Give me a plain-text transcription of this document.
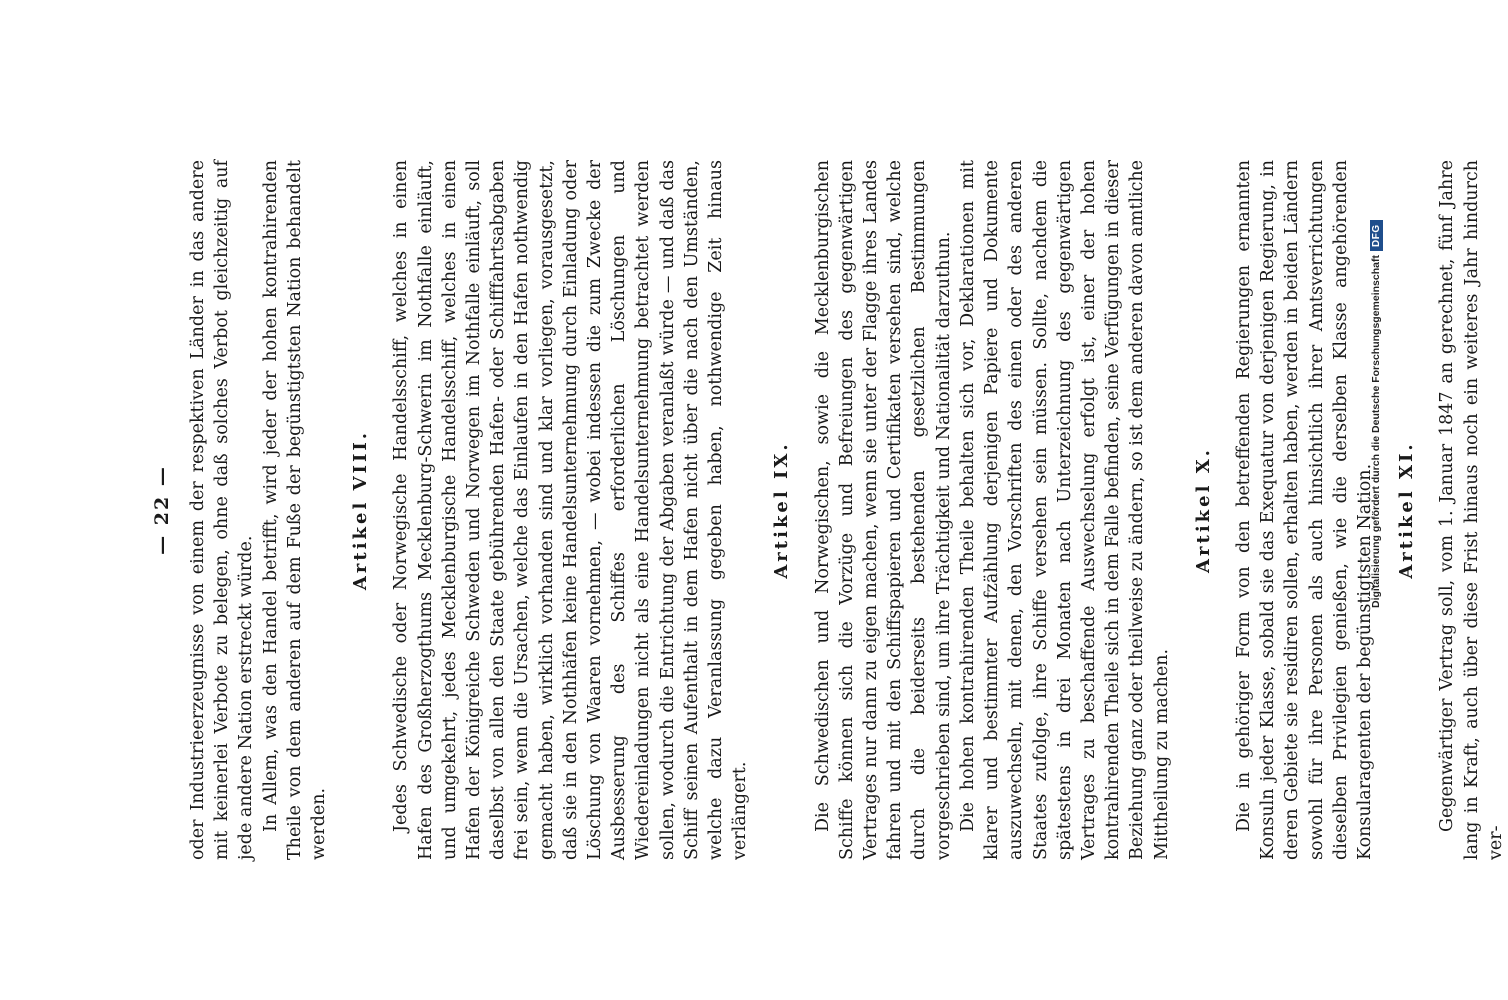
— 22 — oder Industrieerzeugnisse von einem der respektiven Länder in das andere mit keinerlei Verbote zu belegen, ohne daß solches Verbot gleichzeitig auf jede andere Nation erstreckt würde. In Allem, was den Handel betrifft, wird jeder der hohen kontrahirenden Theile von dem anderen auf dem Fuße der begünstigtsten Nation behandelt werden.

Artikel VIII. Jedes Schwedische oder Norwegische Handelsschiff, welches in einen Hafen des Großherzogthums Mecklenburg-Schwerin im Nothfalle einläuft, und umgekehrt, jedes Mecklenburgische Handelsschiff, welches in einen Hafen der Königreiche Schweden und Norwegen im Nothfalle einläuft, soll daselbst von allen den Staate gebührenden Hafen- oder Schifffahrtsabgaben frei sein, wenn die Ursachen, welche das Einlaufen in den Hafen nothwendig gemacht haben, wirklich vorhanden sind und klar vorliegen, vorausgesetzt, daß sie in den Nothhäfen keine Handelsunternehmung durch Einladung oder Löschung von Waaren vornehmen, — wobei indessen die zum Zwecke der Ausbesserung des Schiffes erforderlichen Löschungen und Wiedereinladungen nicht als eine Handelsunternehmung betrachtet werden sollen, wodurch die Entrichtung der Abgaben veranlaßt würde — und daß das Schiff seinen Aufenthalt in dem Hafen nicht über die nach den Umständen, welche dazu Veranlassung gegeben haben, nothwendige Zeit hinaus verlängert.

Artikel IX. Die Schwedischen und Norwegischen, sowie die Mecklenburgischen Schiffe können sich die Vorzüge und Befreiungen des gegenwärtigen Vertrages nur dann zu eigen machen, wenn sie unter der Flagge ihres Landes fahren und mit den Schiffspapieren und Certifikaten versehen sind, welche durch die beiderseits bestehenden gesetzlichen Bestimmungen vorgeschrieben sind, um ihre Trächtigkeit und Nationalität darzuthun. Die hohen kontrahirenden Theile behalten sich vor, Deklarationen mit klarer und bestimmter Aufzählung derjenigen Papiere und Dokumente auszuwechseln, mit denen, den Vorschriften des einen oder des anderen Staates zufolge, ihre Schiffe versehen sein müssen. Sollte, nachdem die spätestens in drei Monaten nach Unterzeichnung des gegenwärtigen Vertrages zu beschaffende Auswechselung erfolgt ist, einer der hohen kontrahirenden Theile sich in dem Falle befinden, seine Verfügungen in dieser Beziehung ganz oder theilweise zu ändern, so ist dem anderen davon amtliche Mittheilung zu machen.

Artikel X. Die in gehöriger Form von den betreffenden Regierungen ernannten Konsuln jeder Klasse, sobald sie das Exequatur von derjenigen Regierung, in deren Gebiete sie residiren sollen, erhalten haben, werden in beiden Ländern sowohl für ihre Personen als auch hinsichtlich ihrer Amtsverrichtungen dieselben Privilegien genießen, wie die derselben Klasse angehörenden Konsularagenten der begünstigtsten Nation. Artikel XI. Gegenwärtiger Vertrag soll, vom 1. Januar 1847 an gerechnet, fünf Jahre lang in Kraft, auch über diese Frist hinaus noch ein weiteres Jahr hindurch ver-

Digitalisierung gefördert durch die Deutsche Forschungsgemeinschaft
DFG
